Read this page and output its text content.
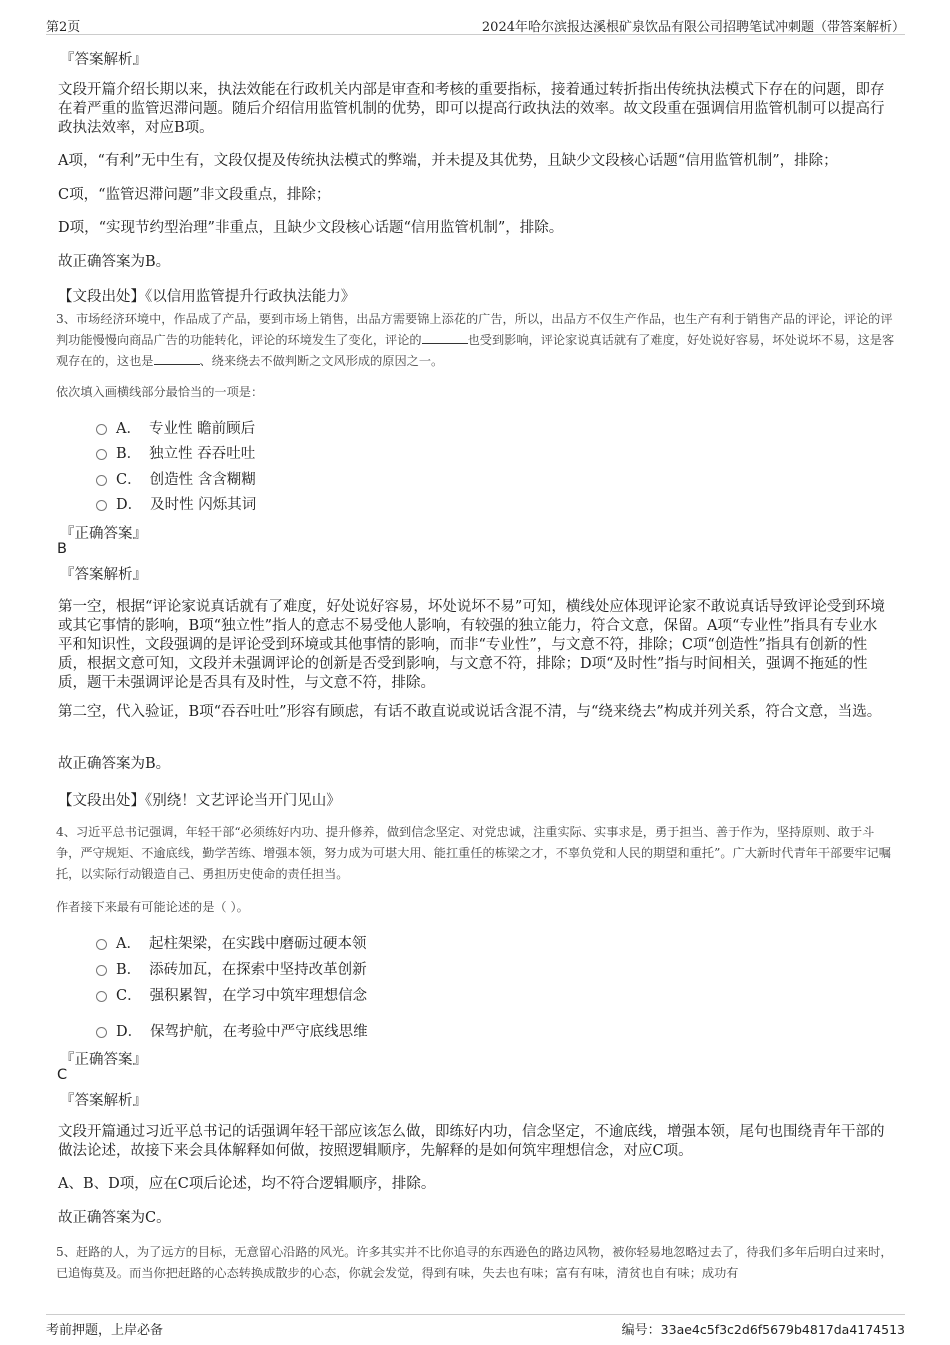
第2页	2024年哈尔滨报达溪根矿泉饮品有限公司招聘笔试冲刺题（带答案解析）

『答案解析』

文段开篇介绍长期以来，执法效能在行政机关内部是审查和考核的重要指标，接着通过转折指出传统执法模式下存在的问题，即存在着严重的监管迟滞问题。随后介绍信用监管机制的优势，即可以提高行政执法的效率。故文段重在强调信用监管机制可以提高行政执法效率，对应B项。

A项，“有利”无中生有，文段仅提及传统执法模式的弊端，并未提及其优势，且缺少文段核心话题“信用监管机制”，排除；

C项，“监管迟滞问题”非文段重点，排除；

D项，“实现节约型治理”非重点，且缺少文段核心话题“信用监管机制”，排除。

故正确答案为B。

【文段出处】《以信用监管提升行政执法能力》

3、市场经济环境中，作品成了产品，要到市场上销售，出品方需要锦上添花的广告，所以，出品方不仅生产作品，也生产有利于销售产品的评论，评论的评判功能慢慢向商品广告的功能转化，评论的环境发生了变化，评论的	也受到影响，评论家说真话就有了难度，好处说好容易，坏处说坏不易，这是客观存在的，这也是	、绕来绕去不做判断之文风形成的原因之一。

依次填入画横线部分最恰当的一项是：

A． 专业性 瞻前顾后
B． 独立性 吞吞吐吐
C． 创造性 含含糊糊
D． 及时性 闪烁其词

『正确答案』

B

『答案解析』

第一空，根据“评论家说真话就有了难度，好处说好容易，坏处说坏不易”可知，横线处应体现评论家不敢说真话导致评论受到环境或其它事情的影响，B项“独立性”指人的意志不易受他人影响，有较强的独立能力，符合文意，保留。A项“专业性”指具有专业水平和知识性，文段强调的是评论受到环境或其他事情的影响，而非“专业性”，与文意不符，排除；C项“创造性”指具有创新的性质，根据文意可知，文段并未强调评论的创新是否受到影响，与文意不符，排除；D项“及时性”指与时间相关，强调不拖延的性质，题干未强调评论是否具有及时性，与文意不符，排除。

第二空，代入验证，B项“吞吞吐吐”形容有顾虑，有话不敢直说或说话含混不清，与“绕来绕去”构成并列关系，符合文意，当选。

故正确答案为B。

【文段出处】《别绕！文艺评论当开门见山》

4、习近平总书记强调，年轻干部“必须练好内功、提升修养，做到信念坚定、对党忠诚，注重实际、实事求是，勇于担当、善于作为，坚持原则、敢于斗争，严守规矩、不逾底线，勤学苦练、增强本领，努力成为可堪大用、能扛重任的栋梁之才，不辜负党和人民的期望和重托”。广大新时代青年干部要牢记嘱托，以实际行动锻造自己、勇担历史使命的责任担当。

作者接下来最有可能论述的是（ ）。

A． 起柱架梁，在实践中磨砺过硬本领
B． 添砖加瓦，在探索中坚持改革创新
C． 强积累智，在学习中筑牢理想信念
D． 保驾护航，在考验中严守底线思维

『正确答案』

C

『答案解析』

文段开篇通过习近平总书记的话强调年轻干部应该怎么做，即练好内功，信念坚定，不逾底线，增强本领，尾句也围绕青年干部的做法论述，故接下来会具体解释如何做，按照逻辑顺序，先解释的是如何筑牢理想信念，对应C项。

A、B、D项，应在C项后论述，均不符合逻辑顺序，排除。

故正确答案为C。

5、赶路的人，为了远方的目标，无意留心沿路的风光。许多其实并不比你追寻的东西逊色的路边风物，被你轻易地忽略过去了，待我们多年后明白过来时，已追悔莫及。而当你把赶路的心态转换成散步的心态，你就会发觉，得到有味，失去也有味；富有有味，清贫也自有味；成功有

考前押题，上岸必备	编号：33ae4c5f3c2d6f5679b4817da4174513
